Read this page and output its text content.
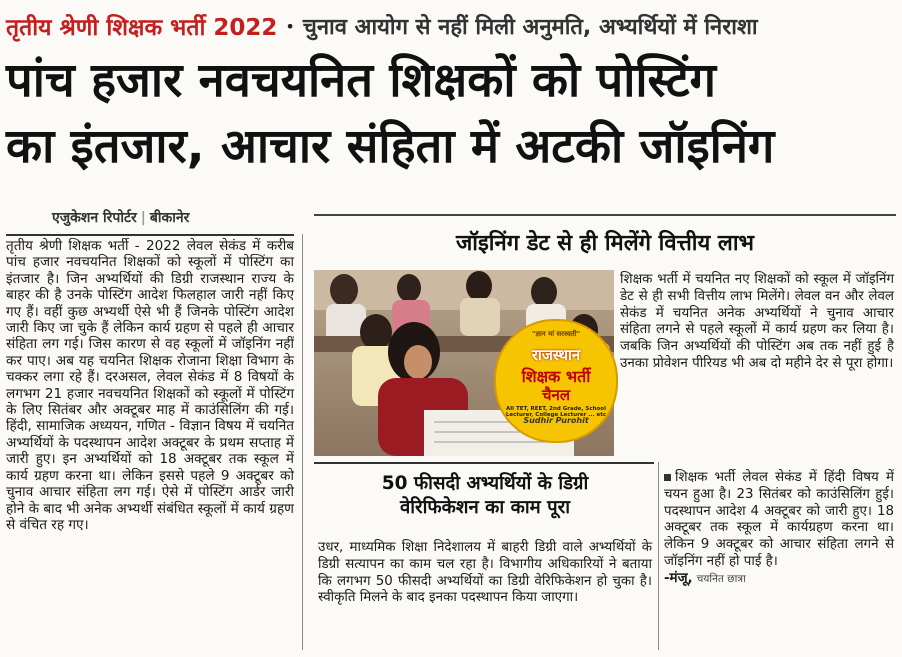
तृतीय श्रेणी शिक्षक भर्ती 2022 • चुनाव आयोग से नहीं मिली अनुमति, अभ्यर्थियों में निराशा
पांच हजार नवचयनित शिक्षकों को पोस्टिंग
का इंतजार, आचार संहिता में अटकी जॉइनिंग
एजुकेशन रिपोर्टर | बीकानेर
तृतीय श्रेणी शिक्षक भर्ती - 2022 लेवल सेकंड में करीब पांच हजार नवचयनित शिक्षकों को स्कूलों में पोस्टिंग का इंतजार है। जिन अभ्यर्थियों की डिग्री राजस्थान राज्य के बाहर की है उनके पोस्टिंग आदेश फिलहाल जारी नहीं किए गए हैं। वहीं कुछ अभ्यर्थी ऐसे भी हैं जिनके पोस्टिंग आदेश जारी किए जा चुके हैं लेकिन कार्य ग्रहण से पहले ही आचार संहिता लग गई। जिस कारण से वह स्कूलों में जॉइनिंग नहीं कर पाए। अब यह चयनित शिक्षक रोजाना शिक्षा विभाग के चक्कर लगा रहे हैं। दरअसल, लेवल सेकंड में 8 विषयों के लगभग 21 हजार नवचयनित शिक्षकों को स्कूलों में पोस्टिंग के लिए सितंबर और अक्टूबर माह में काउंसिलिंग की गई। हिंदी, सामाजिक अध्ययन, गणित - विज्ञान विषय में चयनित अभ्यर्थियों के पदस्थापन आदेश अक्टूबर के प्रथम सप्ताह में जारी हुए। इन अभ्यर्थियों को 18 अक्टूबर तक स्कूल में कार्य ग्रहण करना था। लेकिन इससे पहले 9 अक्टूबर को चुनाव आचार संहिता लग गई। ऐसे में पोस्टिंग आर्डर जारी होने के बाद भी अनेक अभ्यर्थी संबंधित स्कूलों में कार्य ग्रहण से वंचित रह गए।
जॉइनिंग डेट से ही मिलेंगे वित्तीय लाभ
"ज्ञान मां सरस्वती"
राजस्थान
शिक्षक भर्ती
चैनल
All TET, REET, 2nd Grade, School Lecturer, College Lecturer ... etc
Sudhir Purohit
शिक्षक भर्ती में चयनित नए शिक्षकों को स्कूल में जॉइनिंग डेट से ही सभी वित्तीय लाभ मिलेंगे। लेवल वन और लेवल सेकंड में चयनित अनेक अभ्यर्थियों ने चुनाव आचार संहिता लगने से पहले स्कूलों में कार्य ग्रहण कर लिया है। जबकि जिन अभ्यर्थियों की पोस्टिंग अब तक नहीं हुई है उनका प्रोवेशन पीरियड भी अब दो महीने देर से पूरा होगा।
50 फीसदी अभ्यर्थियों के डिग्री
वेरिफिकेशन का काम पूरा
उधर, माध्यमिक शिक्षा निदेशालय में बाहरी डिग्री वाले अभ्यर्थियों के डिग्री सत्यापन का काम चल रहा है। विभागीय अधिकारियों ने बताया कि लगभग 50 फीसदी अभ्यर्थियों का डिग्री वेरिफिकेशन हो चुका है। स्वीकृति मिलने के बाद इनका पदस्थापन किया जाएगा।
शिक्षक भर्ती लेवल सेकंड में हिंदी विषय में चयन हुआ है। 23 सितंबर को काउंसिलिंग हुई। पदस्थापन आदेश 4 अक्टूबर को जारी हुए। 18 अक्टूबर तक स्कूल में कार्यग्रहण करना था। लेकिन 9 अक्टूबर को आचार संहिता लगने से जॉइनिंग नहीं हो पाई है।
-मंजू, चयनित छात्रा
